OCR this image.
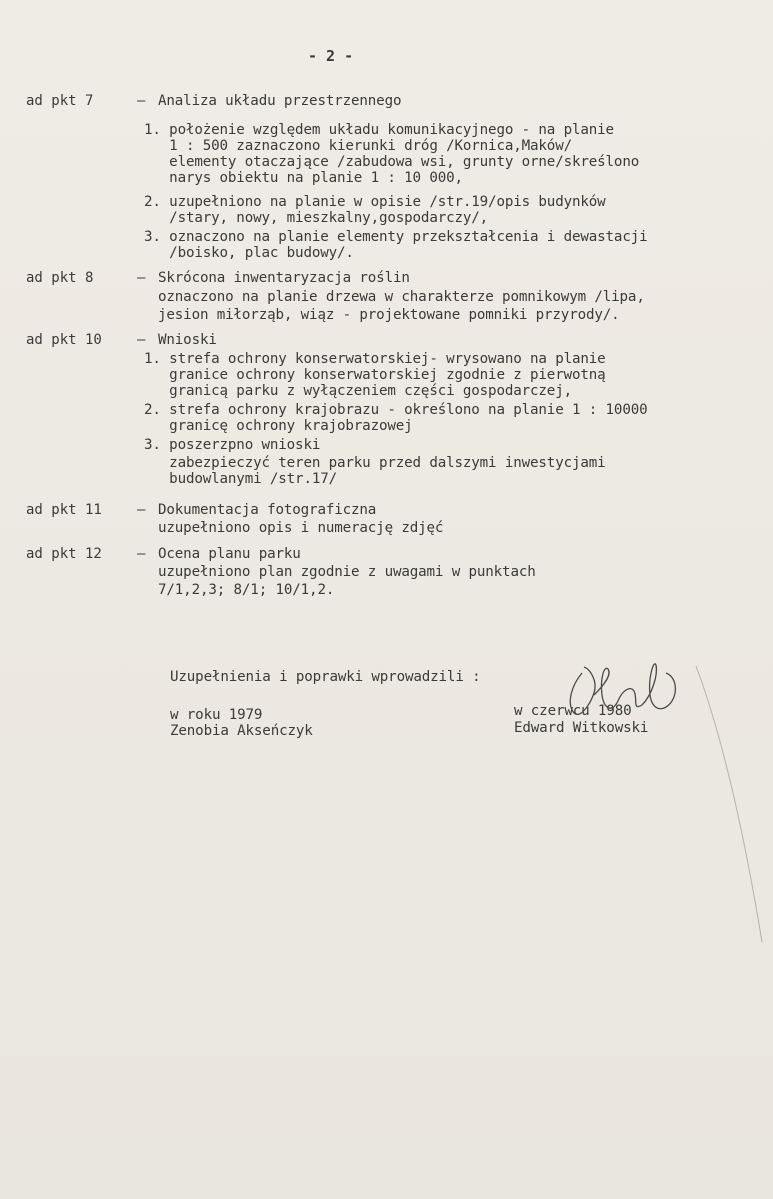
- 2 -
ad pkt 7	– Analiza układu przestrzennego
1. położenie względem układu komunikacyjnego - na planie
1 : 500 zaznaczono kierunki dróg /Kornica,Maków/
elementy otaczające /zabudowa wsi, grunty orne/skreślono
narys obiektu na planie 1 : 10 000,
2. uzupełniono na planie w opisie /str.19/opis budynków
/stary, nowy, mieszkalny,gospodarczy/,
3. oznaczono na planie elementy przekształcenia i dewastacji
/boisko, plac budowy/.
ad pkt 8	– Skrócona inwentaryzacja roślin
oznaczono na planie drzewa w charakterze pomnikowym /lipa,
jesion miłorząb, wiąz - projektowane pomniki przyrody/.
ad pkt 10	– Wnioski
1. strefa ochrony konserwatorskiej- wrysowano na planie
granice ochrony konserwatorskiej zgodnie z pierwotną
granicą parku z wyłączeniem części gospodarczej,
2. strefa ochrony krajobrazu - określono na planie 1 : 10000
granicę ochrony krajobrazowej
3. poszerzpno wnioski
zabezpieczyć teren parku przed dalszymi inwestycjami
budowlanymi /str.17/
ad pkt 11	– Dokumentacja fotograficzna
uzupełniono opis i numerację zdjęć
ad pkt 12	– Ocena planu parku
uzupełniono plan zgodnie z uwagami w punktach
7/1,2,3; 8/1; 10/1,2.
Uzupełnienia i poprawki wprowadzili :
w roku 1979
Zenobia Akseńczyk
w czerwcu 1980
Edward Witkowski
